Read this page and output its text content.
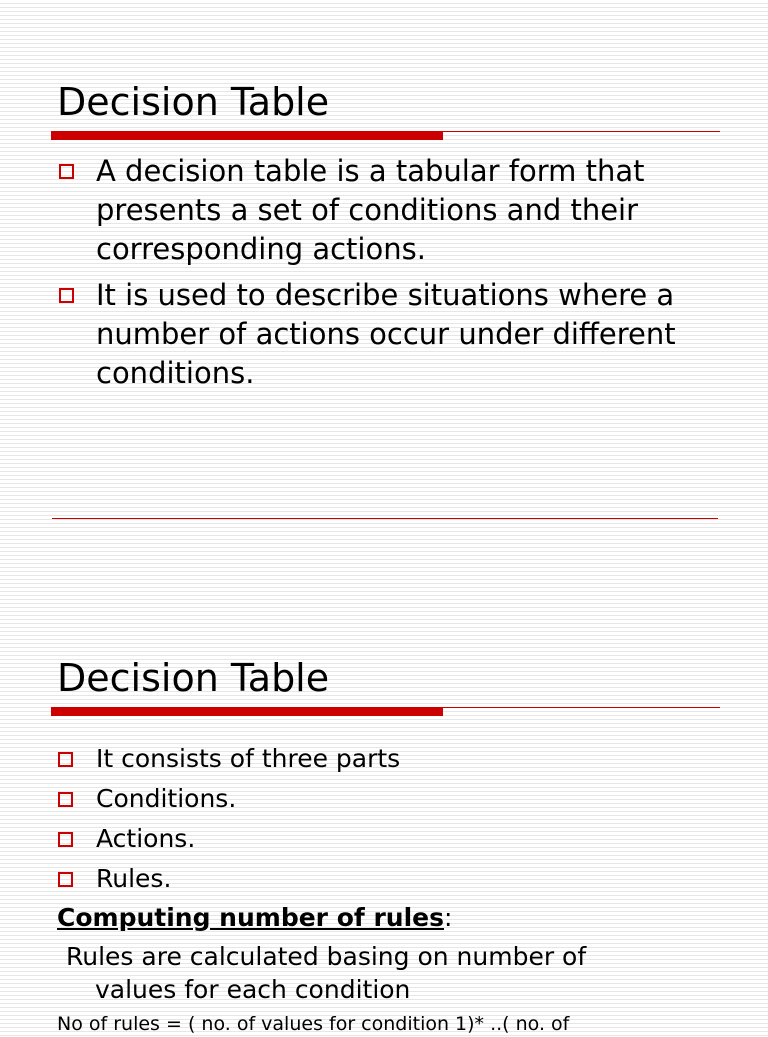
Decision Table
A decision table is a tabular form that presents a set of conditions and their corresponding actions.
It is used to describe situations where a number of actions occur under different conditions.
Decision Table
It consists of three parts
Conditions.
Actions.
Rules.
Computing number of rules:
Rules are calculated basing on number of
values for each condition
No of rules = ( no. of values for condition 1)* ..( no. of
